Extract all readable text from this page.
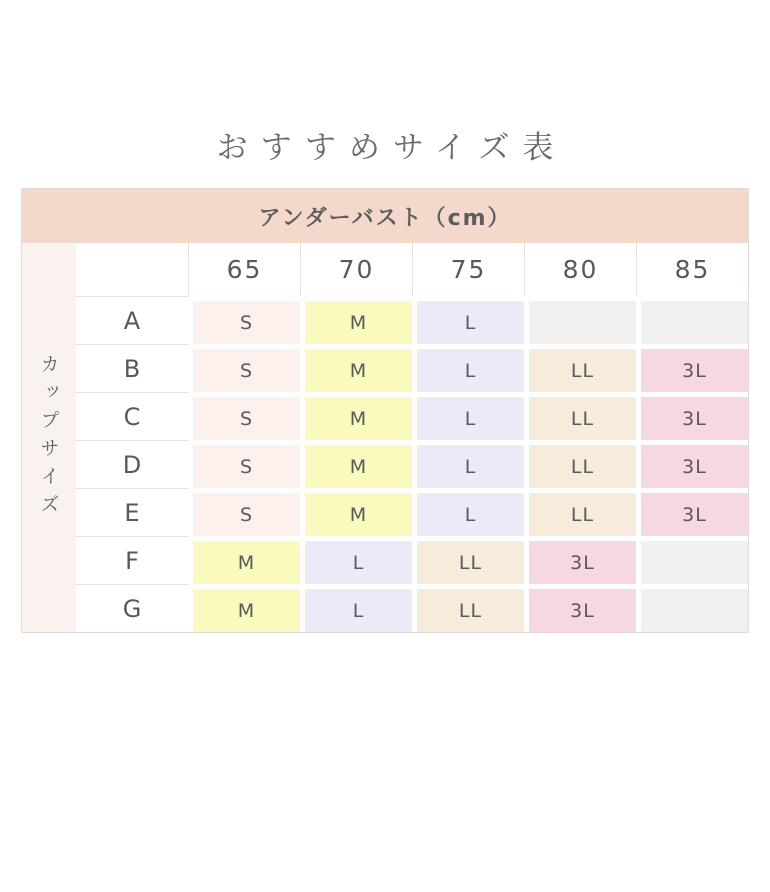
おすすめサイズ表
アンダーバスト（cm）
カップサイズ
65	70	75	80	85
A	S	M	L
B	S	M	L	LL	3L
C	S	M	L	LL	3L
D	S	M	L	LL	3L
E	S	M	L	LL	3L
F	M	L	LL	3L
G	M	L	LL	3L
